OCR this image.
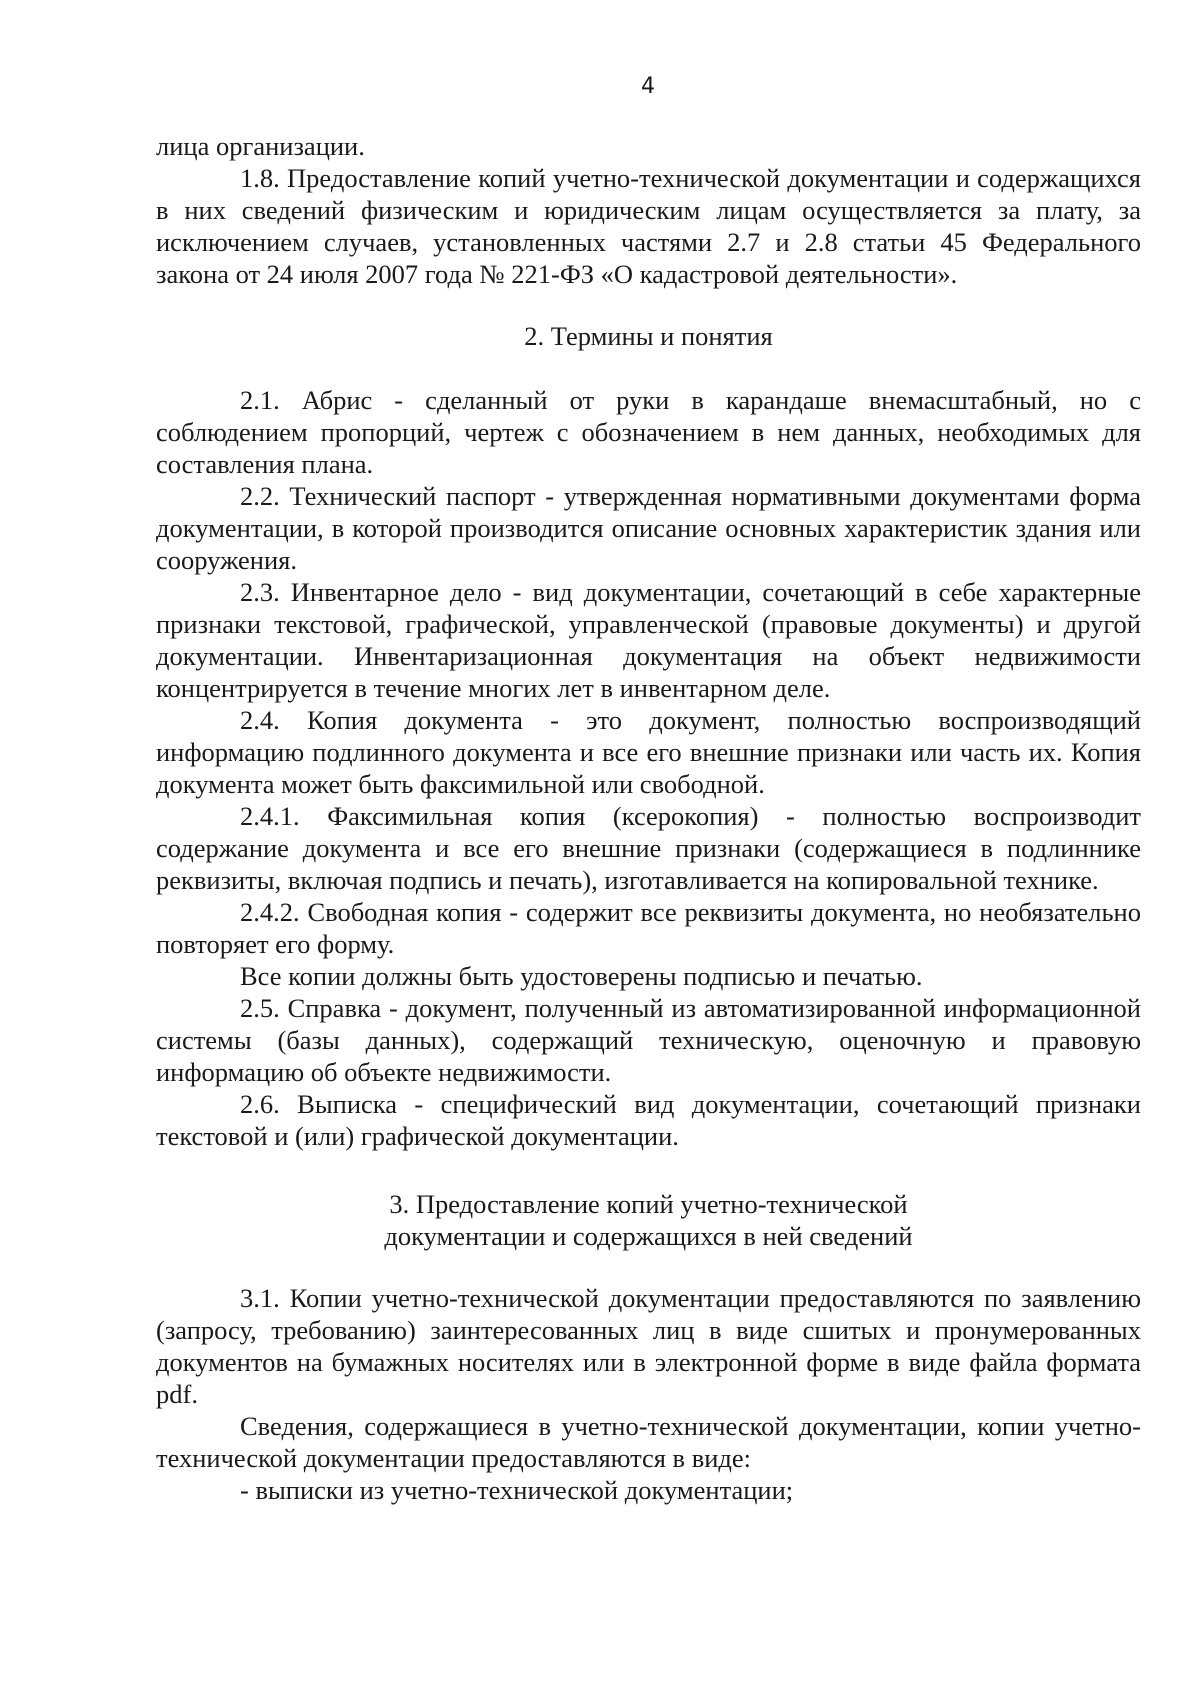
4

лица организации.

1.8. Предоставление копий учетно-технической документации и содержащихся в них сведений физическим и юридическим лицам осуществляется за плату, за исключением случаев, установленных частями 2.7 и 2.8 статьи 45 Федерального закона от 24 июля 2007 года № 221-ФЗ «О кадастровой деятельности».

2. Термины и понятия

2.1. Абрис - сделанный от руки в карандаше внемасштабный, но с соблюдением пропорций, чертеж с обозначением в нем данных, необходимых для составления плана.

2.2. Технический паспорт - утвержденная нормативными документами форма документации, в которой производится описание основных характеристик здания или сооружения.

2.3. Инвентарное дело - вид документации, сочетающий в себе характерные признаки текстовой, графической, управленческой (правовые документы) и другой документации. Инвентаризационная документация на объект недвижимости концентрируется в течение многих лет в инвентарном деле.

2.4. Копия документа - это документ, полностью воспроизводящий информацию подлинного документа и все его внешние признаки или часть их. Копия документа может быть факсимильной или свободной.

2.4.1. Факсимильная копия (ксерокопия) - полностью воспроизводит содержание документа и все его внешние признаки (содержащиеся в подлиннике реквизиты, включая подпись и печать), изготавливается на копировальной технике.

2.4.2. Свободная копия - содержит все реквизиты документа, но необязательно повторяет его форму.

Все копии должны быть удостоверены подписью и печатью.

2.5. Справка - документ, полученный из автоматизированной информационной системы (базы данных), содержащий техническую, оценочную и правовую информацию об объекте недвижимости.

2.6. Выписка - специфический вид документации, сочетающий признаки текстовой и (или) графической документации.

3. Предоставление копий учетно-технической
документации и содержащихся в ней сведений

3.1. Копии учетно-технической документации предоставляются по заявлению (запросу, требованию) заинтересованных лиц в виде сшитых и пронумерованных документов на бумажных носителях или в электронной форме в виде файла формата pdf.

Сведения, содержащиеся в учетно-технической документации, копии учетно-технической документации предоставляются в виде:

- выписки из учетно-технической документации;
